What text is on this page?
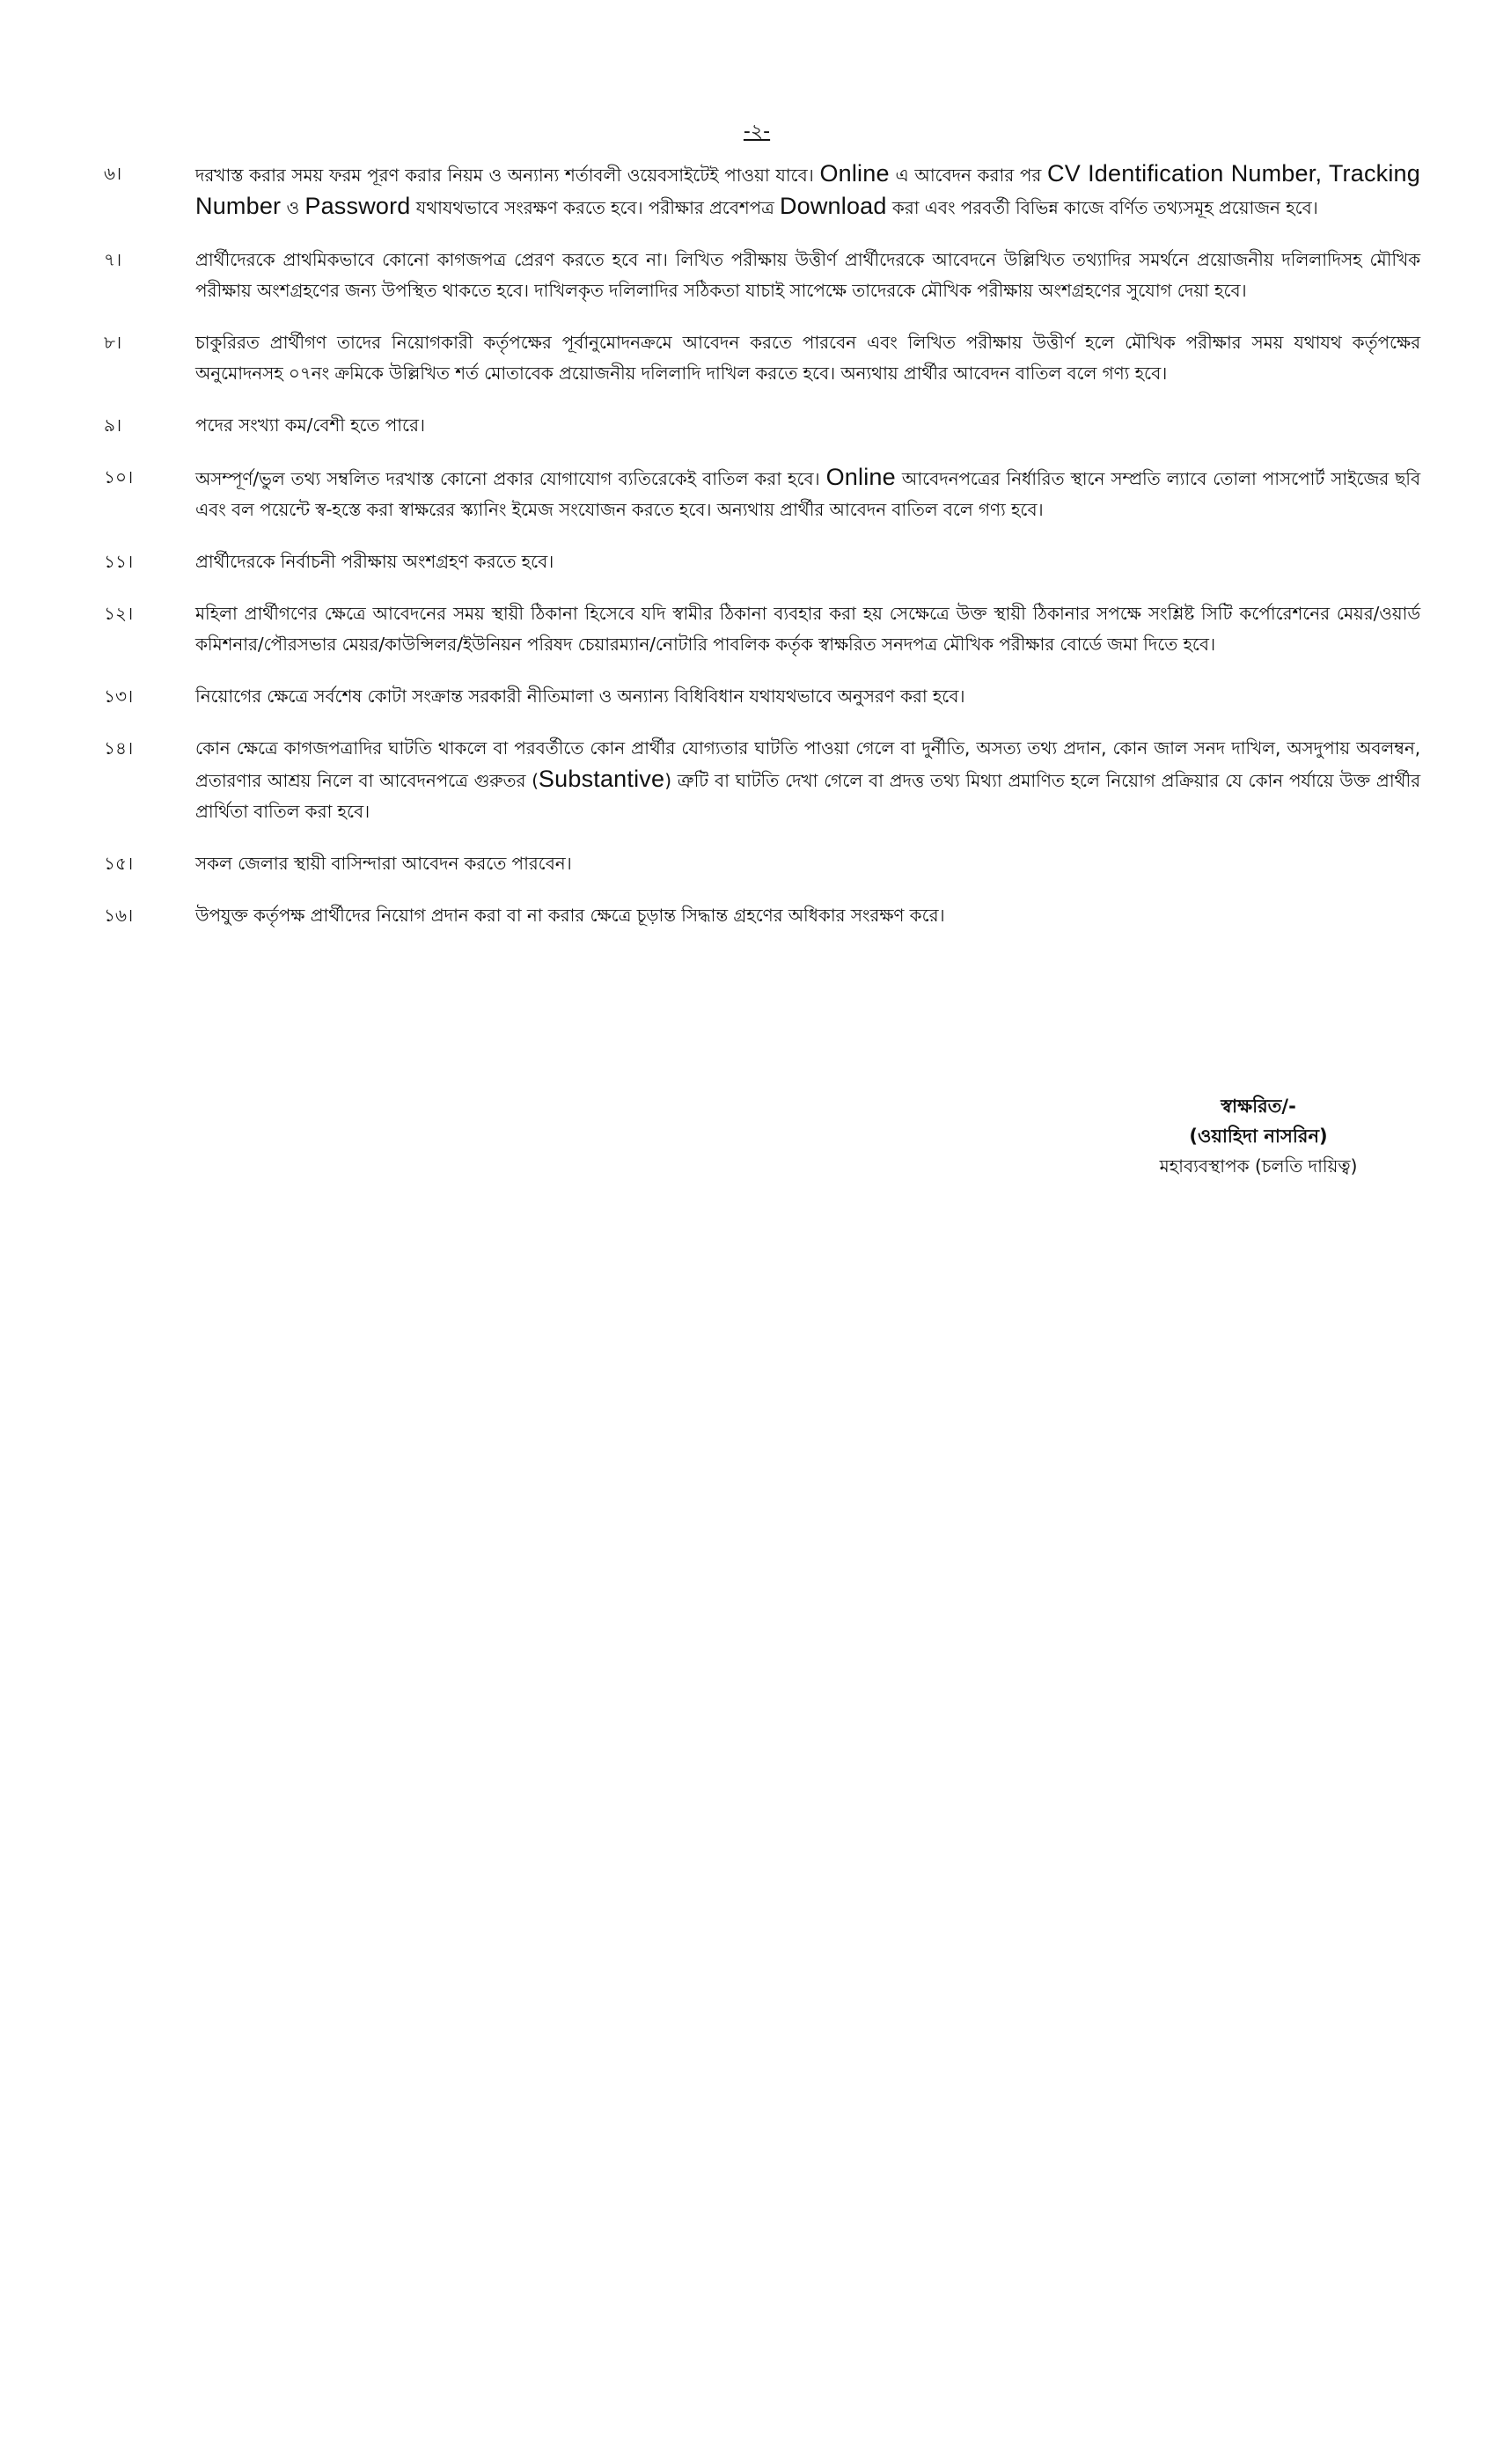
-২-
৬।	দরখাস্ত করার সময় ফরম পূরণ করার নিয়ম ও অন্যান্য শর্তাবলী ওয়েবসাইটেই পাওয়া যাবে। Online এ আবেদন করার পর CV Identification Number, Tracking Number ও Password যথাযথভাবে সংরক্ষণ করতে হবে। পরীক্ষার প্রবেশপত্র Download করা এবং পরবর্তী বিভিন্ন কাজে বর্ণিত তথ্যসমূহ প্রয়োজন হবে।
৭।	প্রার্থীদেরকে প্রাথমিকভাবে কোনো কাগজপত্র প্রেরণ করতে হবে না। লিখিত পরীক্ষায় উত্তীর্ণ প্রার্থীদেরকে আবেদনে উল্লিখিত তথ্যাদির সমর্থনে প্রয়োজনীয় দলিলাদিসহ মৌখিক পরীক্ষায় অংশগ্রহণের জন্য উপস্থিত থাকতে হবে। দাখিলকৃত দলিলাদির সঠিকতা যাচাই সাপেক্ষে তাদেরকে মৌখিক পরীক্ষায় অংশগ্রহণের সুযোগ দেয়া হবে।
৮।	চাকুরিরত প্রার্থীগণ তাদের নিয়োগকারী কর্তৃপক্ষের পূর্বানুমোদনক্রমে আবেদন করতে পারবেন এবং লিখিত পরীক্ষায় উত্তীর্ণ হলে মৌখিক পরীক্ষার সময় যথাযথ কর্তৃপক্ষের অনুমোদনসহ ০৭নং ক্রমিকে উল্লিখিত শর্ত মোতাবেক প্রয়োজনীয় দলিলাদি দাখিল করতে হবে। অন্যথায় প্রার্থীর আবেদন বাতিল বলে গণ্য হবে।
৯।	পদের সংখ্যা কম/বেশী হতে পারে।
১০।	অসম্পূর্ণ/ভুল তথ্য সম্বলিত দরখাস্ত কোনো প্রকার যোগাযোগ ব্যতিরেকেই বাতিল করা হবে। Online আবেদনপত্রের নির্ধারিত স্থানে সম্প্রতি ল্যাবে তোলা পাসপোর্ট সাইজের ছবি এবং বল পয়েন্টে স্ব-হস্তে করা স্বাক্ষরের স্ক্যানিং ইমেজ সংযোজন করতে হবে। অন্যথায় প্রার্থীর আবেদন বাতিল বলে গণ্য হবে।
১১।	প্রার্থীদেরকে নির্বাচনী পরীক্ষায় অংশগ্রহণ করতে হবে।
১২।	মহিলা প্রার্থীগণের ক্ষেত্রে আবেদনের সময় স্থায়ী ঠিকানা হিসেবে যদি স্বামীর ঠিকানা ব্যবহার করা হয় সেক্ষেত্রে উক্ত স্থায়ী ঠিকানার সপক্ষে সংশ্লিষ্ট সিটি কর্পোরেশনের মেয়র/ওয়ার্ড কমিশনার/পৌরসভার মেয়র/কাউন্সিলর/ইউনিয়ন পরিষদ চেয়ারম্যান/নোটারি পাবলিক কর্তৃক স্বাক্ষরিত সনদপত্র মৌখিক পরীক্ষার বোর্ডে জমা দিতে হবে।
১৩।	নিয়োগের ক্ষেত্রে সর্বশেষ কোটা সংক্রান্ত সরকারী নীতিমালা ও অন্যান্য বিধিবিধান যথাযথভাবে অনুসরণ করা হবে।
১৪।	কোন ক্ষেত্রে কাগজপত্রাদির ঘাটতি থাকলে বা পরবর্তীতে কোন প্রার্থীর যোগ্যতার ঘাটতি পাওয়া গেলে বা দুর্নীতি, অসত্য তথ্য প্রদান, কোন জাল সনদ দাখিল, অসদুপায় অবলম্বন, প্রতারণার আশ্রয় নিলে বা আবেদনপত্রে গুরুতর (Substantive) ত্রুটি বা ঘাটতি দেখা গেলে বা প্রদত্ত তথ্য মিথ্যা প্রমাণিত হলে নিয়োগ প্রক্রিয়ার যে কোন পর্যায়ে উক্ত প্রার্থীর প্রার্থিতা বাতিল করা হবে।
১৫।	সকল জেলার স্থায়ী বাসিন্দারা আবেদন করতে পারবেন।
১৬।	উপযুক্ত কর্তৃপক্ষ প্রার্থীদের নিয়োগ প্রদান করা বা না করার ক্ষেত্রে চূড়ান্ত সিদ্ধান্ত গ্রহণের অধিকার সংরক্ষণ করে।
স্বাক্ষরিত/-
(ওয়াহিদা নাসরিন)
মহাব্যবস্থাপক (চলতি দায়িত্ব)
